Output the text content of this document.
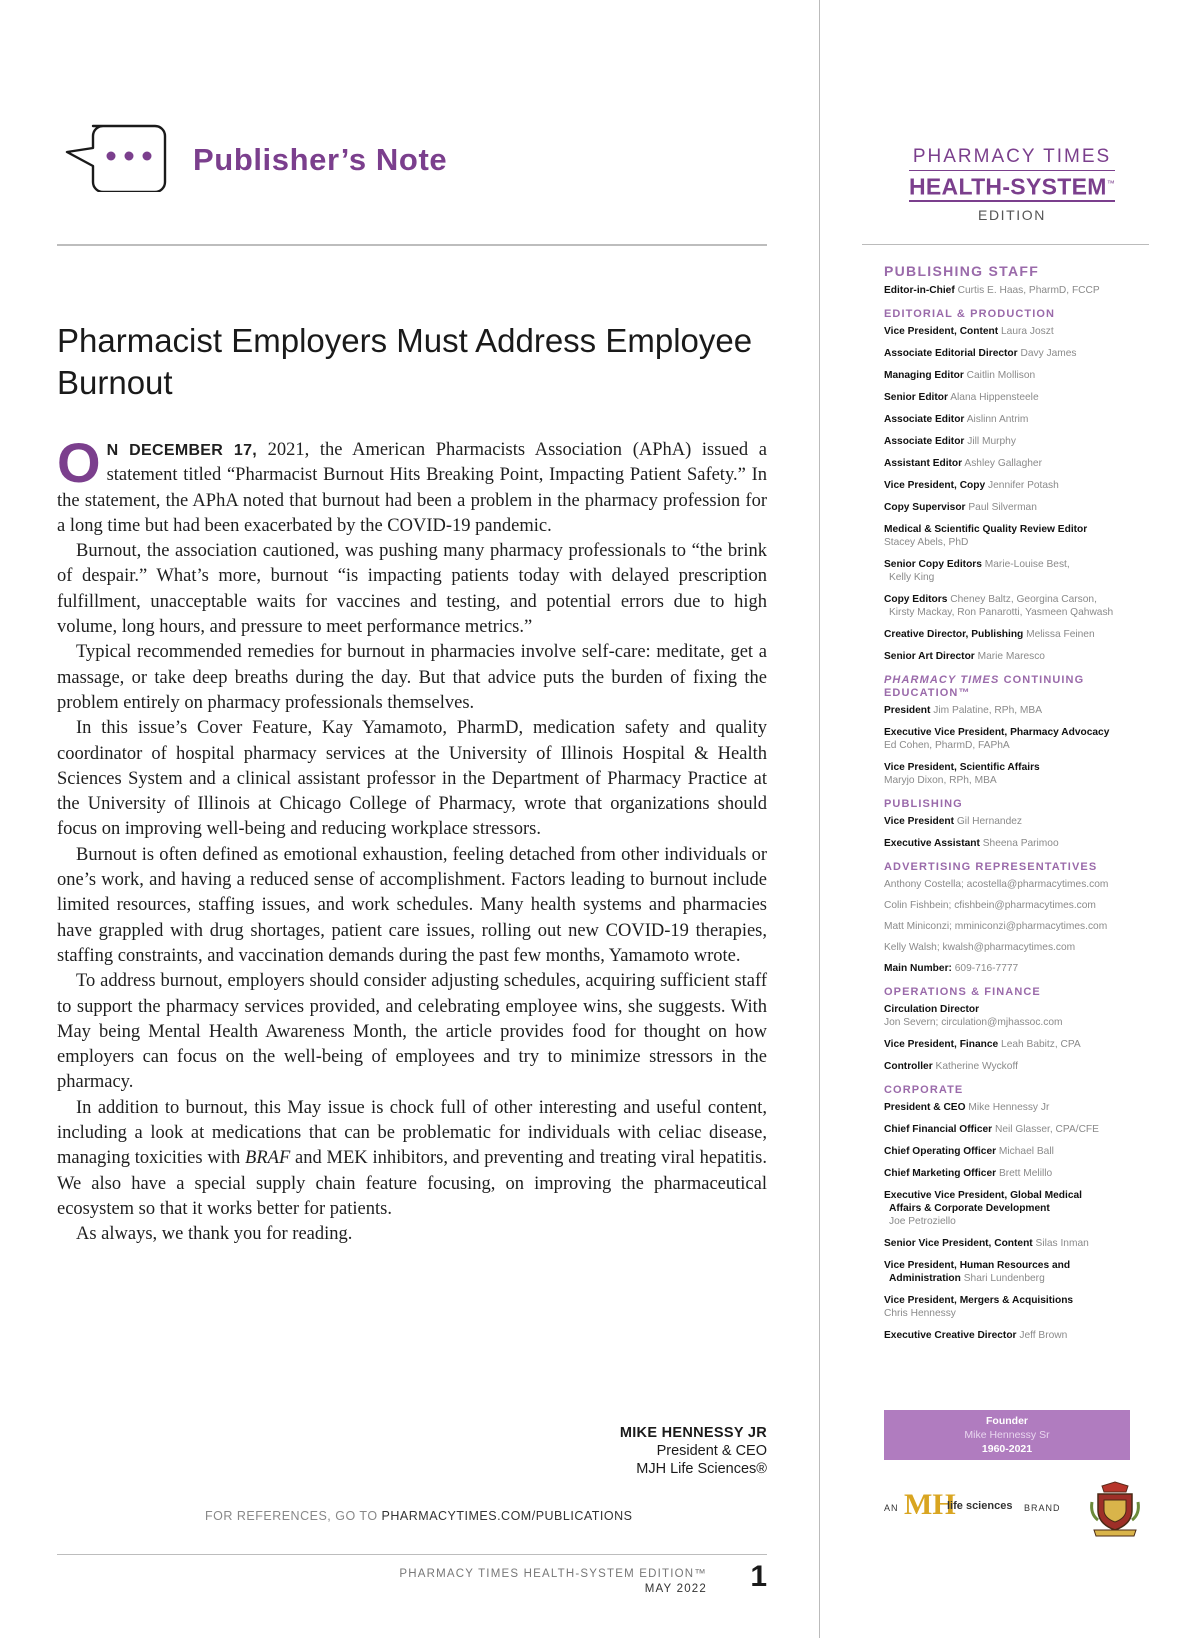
Publisher’s Note
Pharmacist Employers Must Address Employee Burnout

O N DECEMBER 17, 2021, the American Pharmacists Association (APhA) issued a statement titled “Pharmacist Burnout Hits Breaking Point, Impacting Patient Safety.” In the statement, the APhA noted that burnout had been a problem in the pharmacy profession for a long time but had been exacerbated by the COVID-19 pandemic.

Burnout, the association cautioned, was pushing many pharmacy professionals to “the brink of despair.” What’s more, burnout “is impacting patients today with delayed prescription fulfillment, unacceptable waits for vaccines and testing, and potential errors due to high volume, long hours, and pressure to meet performance metrics.”

Typical recommended remedies for burnout in pharmacies involve self-care: meditate, get a massage, or take deep breaths during the day. But that advice puts the burden of fixing the problem entirely on pharmacy professionals themselves.

In this issue’s Cover Feature, Kay Yamamoto, PharmD, medication safety and quality coordinator of hospital pharmacy services at the University of Illinois Hospital & Health Sciences System and a clinical assistant professor in the Department of Pharmacy Practice at the University of Illinois at Chicago College of Pharmacy, wrote that organizations should focus on improving well-being and reducing workplace stressors.

Burnout is often defined as emotional exhaustion, feeling detached from other individuals or one’s work, and having a reduced sense of accomplishment. Factors leading to burnout include limited resources, staffing issues, and work schedules. Many health systems and pharmacies have grappled with drug shortages, patient care issues, rolling out new COVID-19 therapies, staffing constraints, and vaccination demands during the past few months, Yamamoto wrote.

To address burnout, employers should consider adjusting schedules, acquiring sufficient staff to support the pharmacy services provided, and celebrating employee wins, she suggests. With May being Mental Health Awareness Month, the article provides food for thought on how employers can focus on the well-being of employees and try to minimize stressors in the pharmacy.

In addition to burnout, this May issue is chock full of other interesting and useful content, including a look at medications that can be problematic for individuals with celiac disease, managing toxicities with BRAF and MEK inhibitors, and preventing and treating viral hepatitis. We also have a special supply chain feature focusing, on improving the pharmaceutical ecosystem so that it works better for patients.

As always, we thank you for reading.

MIKE HENNESSY JR
President & CEO
MJH Life Sciences®
FOR REFERENCES, GO TO PHARMACYTIMES.COM/PUBLICATIONS
PHARMACY TIMES HEALTH-SYSTEM EDITION™
MAY 2022 1
PHARMACY TIMES
HEALTH-SYSTEM™
EDITION
PUBLISHING STAFF
Editor-in-Chief Curtis E. Haas, PharmD, FCCP
EDITORIAL & PRODUCTION
Vice President, Content Laura Joszt
Associate Editorial Director Davy James
Managing Editor Caitlin Mollison
Senior Editor Alana Hippensteele
Associate Editor Aislinn Antrim
Associate Editor Jill Murphy
Assistant Editor Ashley Gallagher
Vice President, Copy Jennifer Potash
Copy Supervisor Paul Silverman
Medical & Scientific Quality Review Editor
Stacey Abels, PhD
Senior Copy Editors Marie-Louise Best,
Kelly King
Copy Editors Cheney Baltz, Georgina Carson,
Kirsty Mackay, Ron Panarotti, Yasmeen Qahwash
Creative Director, Publishing Melissa Feinen
Senior Art Director Marie Maresco
PHARMACY TIMES CONTINUING EDUCATION™
President Jim Palatine, RPh, MBA
Executive Vice President, Pharmacy Advocacy
Ed Cohen, PharmD, FAPhA
Vice President, Scientific Affairs
Maryjo Dixon, RPh, MBA
PUBLISHING
Vice President Gil Hernandez
Executive Assistant Sheena Parimoo
ADVERTISING REPRESENTATIVES
Anthony Costella; acostella@pharmacytimes.com
Colin Fishbein; cfishbein@pharmacytimes.com
Matt Miniconzi; mminiconzi@pharmacytimes.com
Kelly Walsh; kwalsh@pharmacytimes.com
Main Number: 609-716-7777
OPERATIONS & FINANCE
Circulation Director
Jon Severn; circulation@mjhassoc.com
Vice President, Finance Leah Babitz, CPA
Controller Katherine Wyckoff
CORPORATE
President & CEO Mike Hennessy Jr
Chief Financial Officer Neil Glasser, CPA/CFE
Chief Operating Officer Michael Ball
Chief Marketing Officer Brett Melillo
Executive Vice President, Global Medical
Affairs & Corporate Development
Joe Petroziello
Senior Vice President, Content Silas Inman
Vice President, Human Resources and
Administration Shari Lundenberg
Vice President, Mergers & Acquisitions
Chris Hennessy
Executive Creative Director Jeff Brown
Founder
Mike Hennessy Sr
1960-2021
AN MH
life sciences BRAND
